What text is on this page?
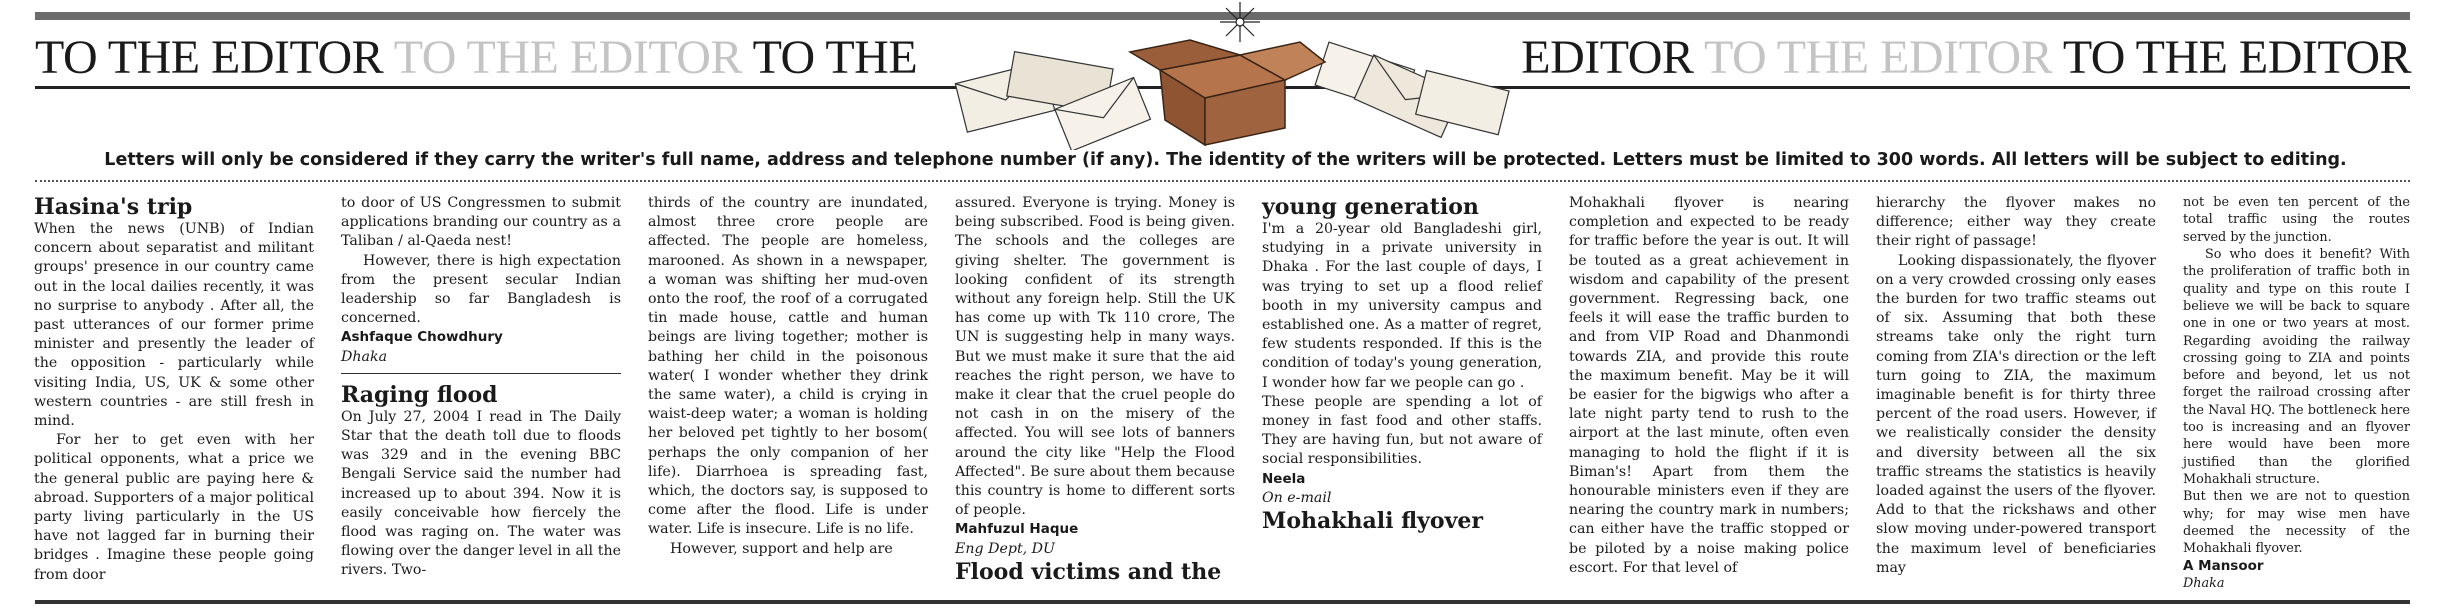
TO THE EDITOR TO THE EDITOR TO THE	EDITOR TO THE EDITOR TO THE EDITOR
Letters will only be considered if they carry the writer's full name, address and telephone number (if any). The identity of the writers will be protected. Letters must be limited to 300 words. All letters will be subject to editing.
Hasina's trip

When the news (UNB) of Indian concern about separatist and militant groups' presence in our country came out in the local dailies recently, it was no surprise to anybody . After all, the past utterances of our former prime minister and presently the leader of the opposition - particularly while visiting India, US, UK & some other western countries - are still fresh in mind.

For her to get even with her political opponents, what a price we the general public are paying here & abroad. Supporters of a major political party living particularly in the US have not lagged far in burning their bridges . Imagine these people going from door

to door of US Congressmen to submit applications branding our country as a Taliban / al-Qaeda nest!

However, there is high expectation from the present secular Indian leadership so far Bangladesh is concerned.

Ashfaque Chowdhury
Dhaka
Raging flood

On July 27, 2004 I read in The Daily Star that the death toll due to floods was 329 and in the evening BBC Bengali Service said the number had increased up to about 394. Now it is easily conceivable how fiercely the flood was raging on. The water was flowing over the danger level in all the rivers. Two-

thirds of the country are inundated, almost three crore people are affected. The people are homeless, marooned. As shown in a newspaper, a woman was shifting her mud-oven onto the roof, the roof of a corrugated tin made house, cattle and human beings are living together; mother is bathing her child in the poisonous water( I wonder whether they drink the same water), a child is crying in waist-deep water; a woman is holding her beloved pet tightly to her bosom( perhaps the only companion of her life). Diarrhoea is spreading fast, which, the doctors say, is supposed to come after the flood. Life is under water. Life is insecure. Life is no life.

However, support and help are

assured. Everyone is trying. Money is being subscribed. Food is being given. The schools and the colleges are giving shelter. The government is looking confident of its strength without any foreign help. Still the UK has come up with Tk 110 crore, The UN is suggesting help in many ways. But we must make it sure that the aid reaches the right person, we have to make it clear that the cruel people do not cash in on the misery of the affected. You will see lots of banners around the city like "Help the Flood Affected". Be sure about them because this country is home to different sorts of people.

Mahfuzul Haque
Eng Dept, DU
Flood victims and the
young generation

I'm a 20-year old Bangladeshi girl, studying in a private university in Dhaka . For the last couple of days, I was trying to set up a flood relief booth in my university campus and established one. As a matter of regret, few students responded. If this is the condition of today's young generation, I wonder how far we people can go .

These people are spending a lot of money in fast food and other staffs. They are having fun, but not aware of social responsibilities.

Neela
On e-mail
Mohakhali flyover

Mohakhali flyover is nearing completion and expected to be ready for traffic before the year is out. It will be touted as a great achievement in wisdom and capability of the present government. Regressing back, one feels it will ease the traffic burden to and from VIP Road and Dhanmondi towards ZIA, and provide this route the maximum benefit. May be it will be easier for the bigwigs who after a late night party tend to rush to the airport at the last minute, often even managing to hold the flight if it is Biman's! Apart from them the honourable ministers even if they are nearing the country mark in numbers; can either have the traffic stopped or be piloted by a noise making police escort. For that level of

hierarchy the flyover makes no difference; either way they create their right of passage!

Looking dispassionately, the flyover on a very crowded crossing only eases the burden for two traffic steams out of six. Assuming that both these streams take only the right turn coming from ZIA's direction or the left turn going to ZIA, the maximum imaginable benefit is for thirty three percent of the road users. However, if we realistically consider the density and diversity between all the six traffic streams the statistics is heavily loaded against the users of the flyover. Add to that the rickshaws and other slow moving under-powered transport the maximum level of beneficiaries may

not be even ten percent of the total traffic using the routes served by the junction.

So who does it benefit? With the proliferation of traffic both in quality and type on this route I believe we will be back to square one in one or two years at most. Regarding avoiding the railway crossing going to ZIA and points before and beyond, let us not forget the railroad crossing after the Naval HQ. The bottleneck here too is increasing and an flyover here would have been more justified than the glorified Mohakhali structure.

But then we are not to question why; for may wise men have deemed the necessity of the Mohakhali flyover.

A Mansoor
Dhaka
